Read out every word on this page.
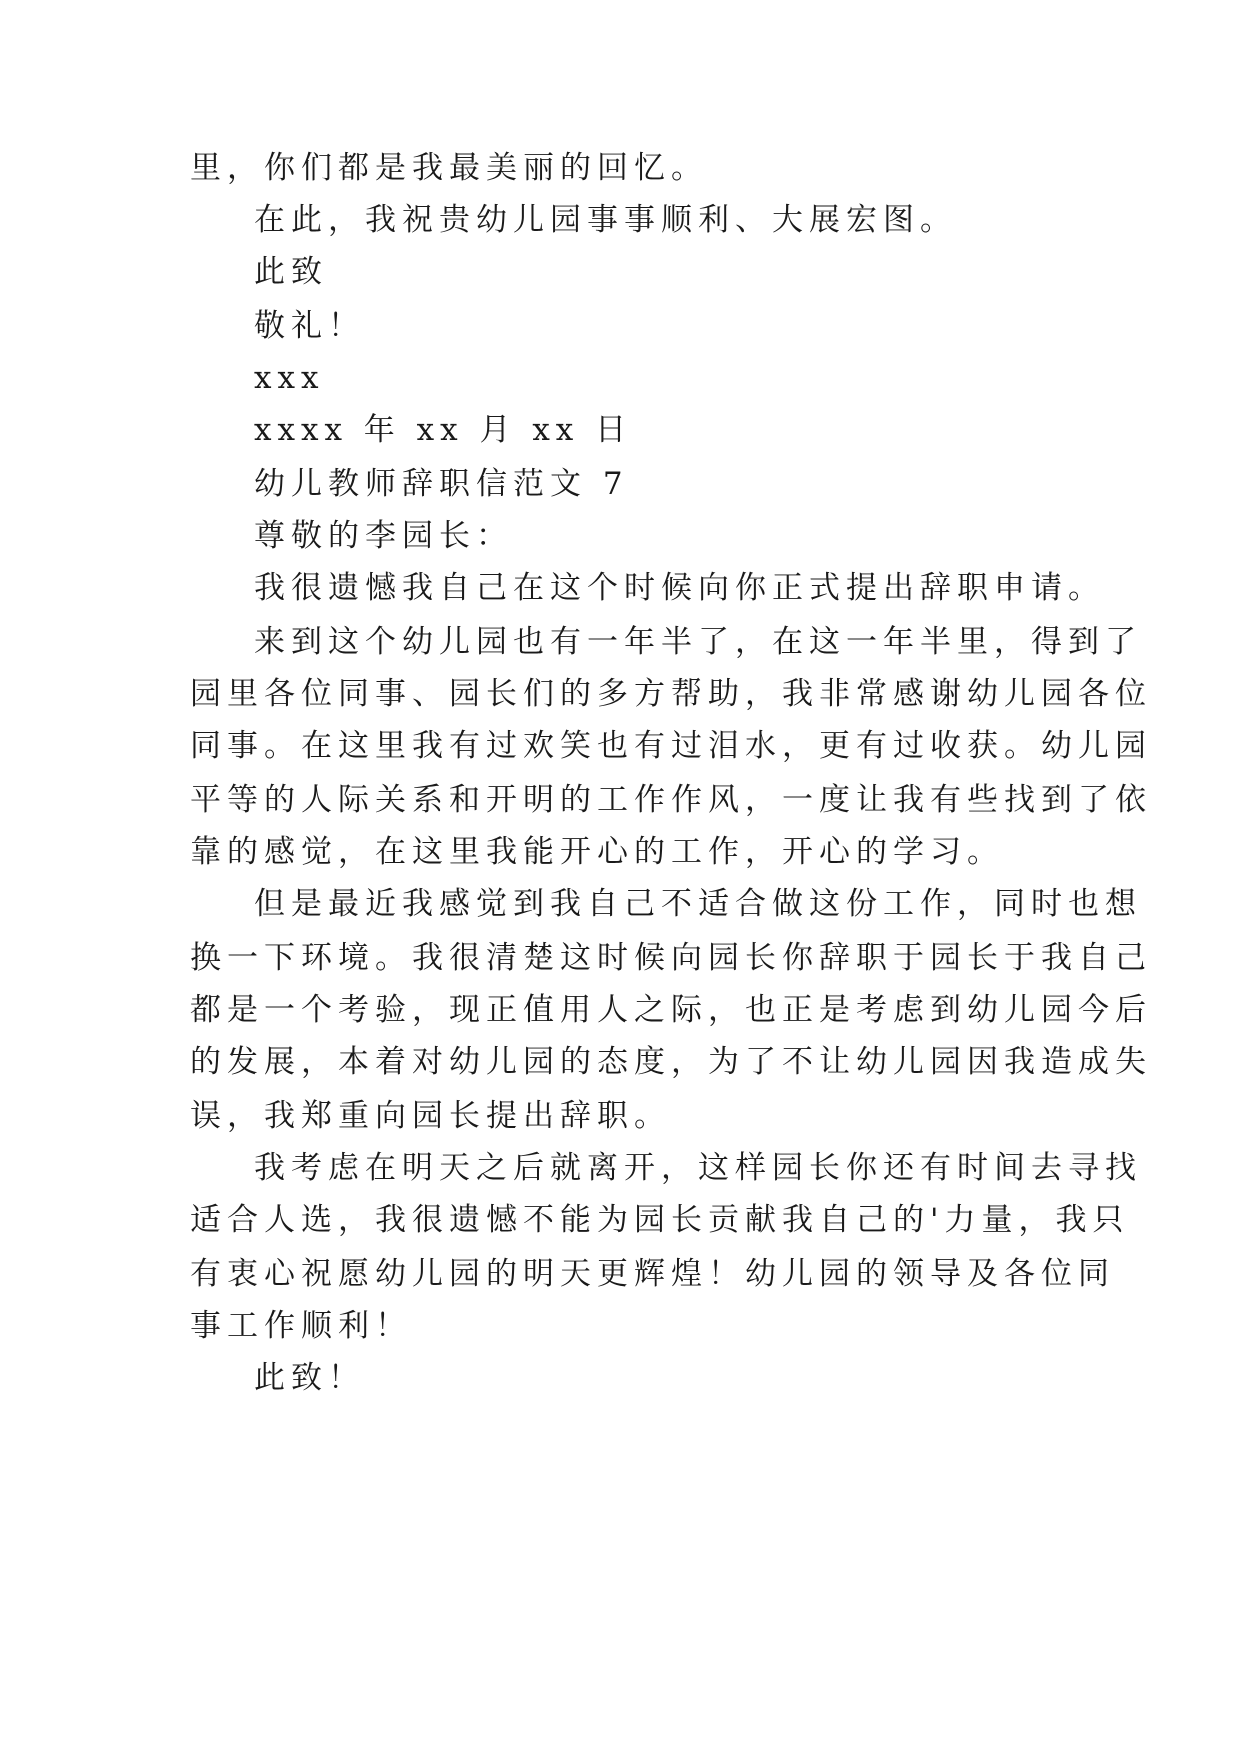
里，你们都是我最美丽的回忆。
在此，我祝贵幼儿园事事顺利、大展宏图。
此致
敬礼！
xxx
xxxx 年 xx 月 xx 日
幼儿教师辞职信范文 7
尊敬的李园长：
我很遗憾我自己在这个时候向你正式提出辞职申请。
来到这个幼儿园也有一年半了，在这一年半里，得到了
园里各位同事、园长们的多方帮助，我非常感谢幼儿园各位
同事。在这里我有过欢笑也有过泪水，更有过收获。幼儿园
平等的人际关系和开明的工作作风，一度让我有些找到了依
靠的感觉，在这里我能开心的工作，开心的学习。
但是最近我感觉到我自己不适合做这份工作，同时也想
换一下环境。我很清楚这时候向园长你辞职于园长于我自己
都是一个考验，现正值用人之际，也正是考虑到幼儿园今后
的发展，本着对幼儿园的态度，为了不让幼儿园因我造成失
误，我郑重向园长提出辞职。
我考虑在明天之后就离开，这样园长你还有时间去寻找
适合人选，我很遗憾不能为园长贡献我自己的'力量，我只
有衷心祝愿幼儿园的明天更辉煌！幼儿园的领导及各位同
事工作顺利！
此致！
